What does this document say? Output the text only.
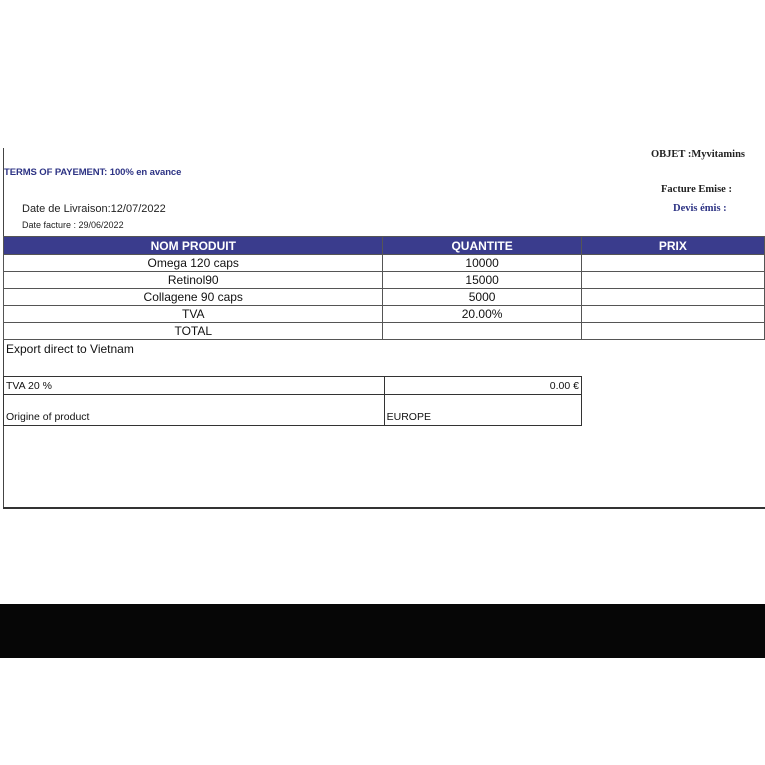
OBJET :Myvitamins
TERMS OF PAYEMENT: 100% en avance
Facture Emise :
Devis émis :
Date de Livraison:12/07/2022
Date facture : 29/06/2022
NOM PRODUIT	QUANTITE	PRIX
Omega 120 caps	10000	
Retinol90	15000	
Collagene 90 caps	5000	
TVA	20.00%	
TOTAL		
Export direct to Vietnam
TVA 20 %	0.00 €
Origine of product	EUROPE
